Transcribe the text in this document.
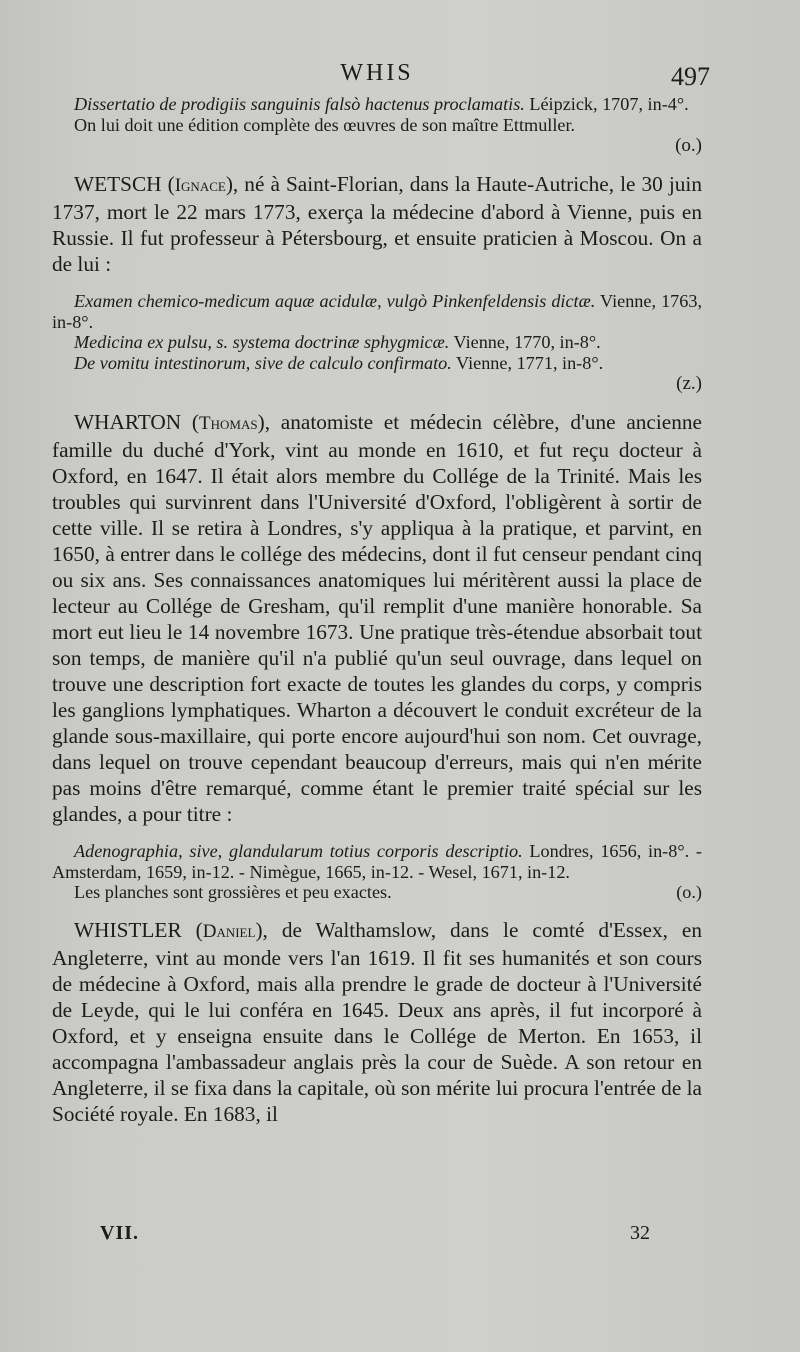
WHIS	497

Dissertatio de prodigiis sanguinis falsò hactenus proclamatis. Léipzick, 1707, in-4°.

On lui doit une édition complète des œuvres de son maître Ettmuller.

(o.)

WETSCH (Ignace), né à Saint-Florian, dans la Haute-Autriche, le 30 juin 1737, mort le 22 mars 1773, exerça la médecine d'abord à Vienne, puis en Russie. Il fut professeur à Pétersbourg, et ensuite praticien à Moscou. On a de lui :

Examen chemico-medicum aquæ acidulæ, vulgò Pinkenfeldensis dictæ. Vienne, 1763, in-8°.

Medicina ex pulsu, s. systema doctrinæ sphygmicæ. Vienne, 1770, in-8°.

De vomitu intestinorum, sive de calculo confirmato. Vienne, 1771, in-8°.

(z.)

WHARTON (Thomas), anatomiste et médecin célèbre, d'une ancienne famille du duché d'York, vint au monde en 1610, et fut reçu docteur à Oxford, en 1647. Il était alors membre du Collége de la Trinité. Mais les troubles qui survinrent dans l'Université d'Oxford, l'obligèrent à sortir de cette ville. Il se retira à Londres, s'y appliqua à la pratique, et parvint, en 1650, à entrer dans le collége des médecins, dont il fut censeur pendant cinq ou six ans. Ses connaissances anatomiques lui méritèrent aussi la place de lecteur au Collége de Gresham, qu'il remplit d'une manière honorable. Sa mort eut lieu le 14 novembre 1673. Une pratique très-étendue absorbait tout son temps, de manière qu'il n'a publié qu'un seul ouvrage, dans lequel on trouve une description fort exacte de toutes les glandes du corps, y compris les ganglions lymphatiques. Wharton a découvert le conduit excréteur de la glande sous-maxillaire, qui porte encore aujourd'hui son nom. Cet ouvrage, dans lequel on trouve cependant beaucoup d'erreurs, mais qui n'en mérite pas moins d'être remarqué, comme étant le premier traité spécial sur les glandes, a pour titre :

Adenographia, sive, glandularum totius corporis descriptio. Londres, 1656, in-8°. - Amsterdam, 1659, in-12. - Nimègue, 1665, in-12. - Wesel, 1671, in-12.

Les planches sont grossières et peu exactes.	(o.)

WHISTLER (Daniel), de Walthamslow, dans le comté d'Essex, en Angleterre, vint au monde vers l'an 1619. Il fit ses humanités et son cours de médecine à Oxford, mais alla prendre le grade de docteur à l'Université de Leyde, qui le lui conféra en 1645. Deux ans après, il fut incorporé à Oxford, et y enseigna ensuite dans le Collége de Merton. En 1653, il accompagna l'ambassadeur anglais près la cour de Suède. A son retour en Angleterre, il se fixa dans la capitale, où son mérite lui procura l'entrée de la Société royale. En 1683, il

VII.	32
